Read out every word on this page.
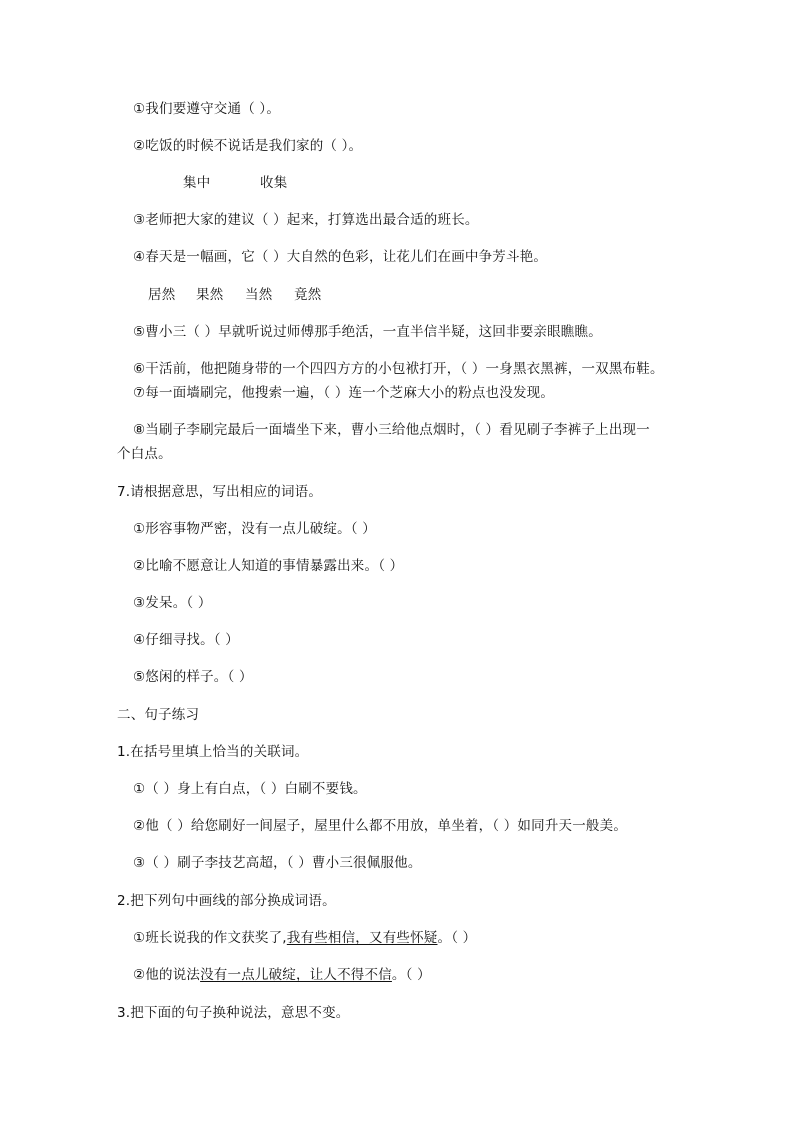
①我们要遵守交通（ ）。
②吃饭的时候不说话是我们家的（ ）。
集中	收集
③老师把大家的建议（ ）起来，打算选出最合适的班长。
④春天是一幅画，它（ ）大自然的色彩，让花儿们在画中争芳斗艳。
居然 果然 当然 竟然
⑤曹小三（ ）早就听说过师傅那手绝活，一直半信半疑，这回非要亲眼瞧瞧。
⑥干活前，他把随身带的一个四四方方的小包袱打开，（ ）一身黑衣黑裤，一双黑布鞋。
⑦每一面墙刷完，他搜索一遍，（ ）连一个芝麻大小的粉点也没发现。
⑧当刷子李刷完最后一面墙坐下来，曹小三给他点烟时，（ ）看见刷子李裤子上出现一
个白点。
7.请根据意思，写出相应的词语。
①形容事物严密，没有一点儿破绽。（ ）
②比喻不愿意让人知道的事情暴露出来。（ ）
③发呆。（ ）
④仔细寻找。（ ）
⑤悠闲的样子。（ ）
二、句子练习
1.在括号里填上恰当的关联词。
①（ ）身上有白点，（ ）白刷不要钱。
②他（ ）给您刷好一间屋子，屋里什么都不用放，单坐着，（ ）如同升天一般美。
③（ ）刷子李技艺高超，（ ）曹小三很佩服他。
2.把下列句中画线的部分换成词语。
①班长说我的作文获奖了,我有些相信，又有些怀疑。（ ）
②他的说法没有一点儿破绽，让人不得不信。（ ）
3.把下面的句子换种说法，意思不变。
